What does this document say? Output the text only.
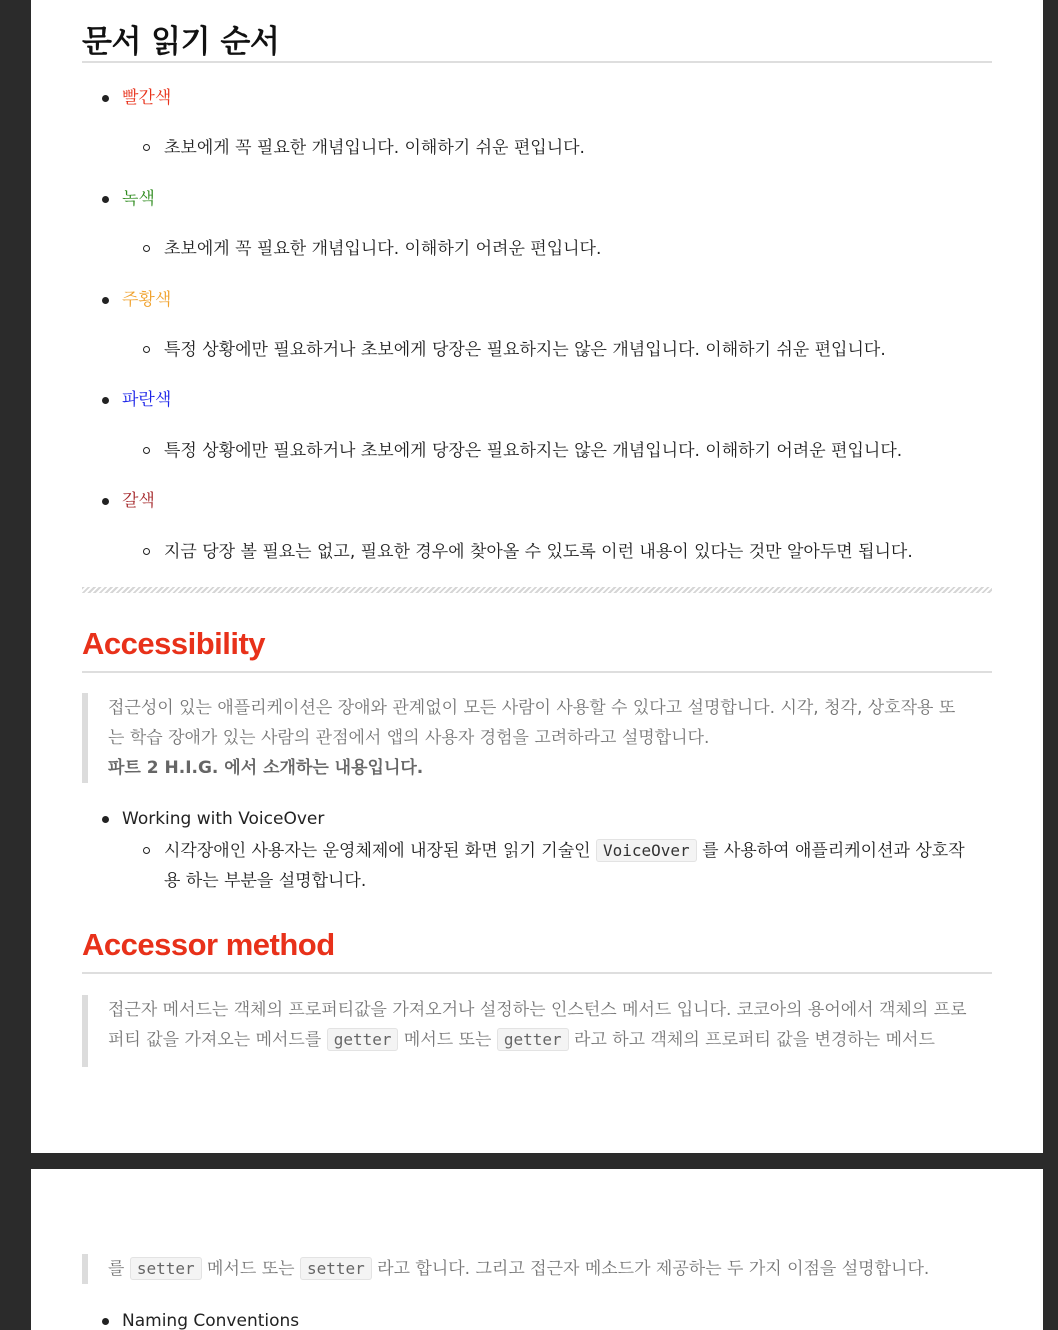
문서 읽기 순서
빨간색
초보에게 꼭 필요한 개념입니다. 이해하기 쉬운 편입니다.
녹색
초보에게 꼭 필요한 개념입니다. 이해하기 어려운 편입니다.
주황색
특정 상황에만 필요하거나 초보에게 당장은 필요하지는 않은 개념입니다. 이해하기 쉬운 편입니다.
파란색
특정 상황에만 필요하거나 초보에게 당장은 필요하지는 않은 개념입니다. 이해하기 어려운 편입니다.
갈색
지금 당장 볼 필요는 없고, 필요한 경우에 찾아올 수 있도록 이런 내용이 있다는 것만 알아두면 됩니다.
Accessibility
접근성이 있는 애플리케이션은 장애와 관계없이 모든 사람이 사용할 수 있다고 설명합니다. 시각, 청각, 상호작용 또
는 학습 장애가 있는 사람의 관점에서 앱의 사용자 경험을 고려하라고 설명합니다.
파트 2 H.I.G. 에서 소개하는 내용입니다.
Working with VoiceOver
시각장애인 사용자는 운영체제에 내장된 화면 읽기 기술인 VoiceOver 를 사용하여 애플리케이션과 상호작
용 하는 부분을 설명합니다.
Accessor method
접근자 메서드는 객체의 프로퍼티값을 가져오거나 설정하는 인스턴스 메서드 입니다. 코코아의 용어에서 객체의 프로
퍼티 값을 가져오는 메서드를 getter 메서드 또는 getter 라고 하고 객체의 프로퍼티 값을 변경하는 메서드
를 setter 메서드 또는 setter 라고 합니다. 그리고 접근자 메소드가 제공하는 두 가지 이점을 설명합니다.
Naming Conventions
